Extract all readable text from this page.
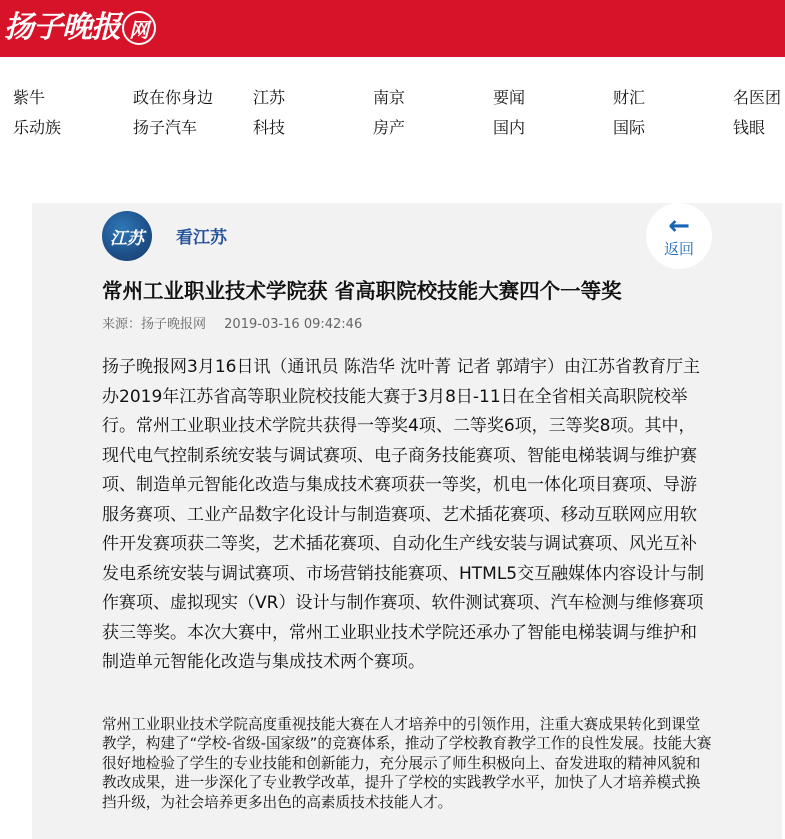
扬子晚报 网
紫牛	政在你身边 江苏	南京	要闻	财汇	名医团
乐动族	扬子汽车	科技	房产	国内	国际	钱眼
江苏 看江苏	←
返回
常州工业职业技术学院获 省高职院校技能大赛四个一等奖
来源：扬子晚报网 2019-03-16 09:42:46

扬子晚报网3月16日讯（通讯员 陈浩华 沈叶菁 记者 郭靖宇）由江苏省教育厅主办2019年江苏省高等职业院校技能大赛于3月8日-11日在全省相关高职院校举行。常州工业职业技术学院共获得一等奖4项、二等奖6项，三等奖8项。其中，现代电气控制系统安装与调试赛项、电子商务技能赛项、智能电梯装调与维护赛项、制造单元智能化改造与集成技术赛项获一等奖，机电一体化项目赛项、导游服务赛项、工业产品数字化设计与制造赛项、艺术插花赛项、移动互联网应用软件开发赛项获二等奖，艺术插花赛项、自动化生产线安装与调试赛项、风光互补发电系统安装与调试赛项、市场营销技能赛项、HTML5交互融媒体内容设计与制作赛项、虚拟现实（VR）设计与制作赛项、软件测试赛项、汽车检测与维修赛项获三等奖。本次大赛中，常州工业职业技术学院还承办了智能电梯装调与维护和制造单元智能化改造与集成技术两个赛项。

常州工业职业技术学院高度重视技能大赛在人才培养中的引领作用，注重大赛成果转化到课堂教学，构建了“学校-省级-国家级”的竞赛体系，推动了学校教育教学工作的良性发展。技能大赛很好地检验了学生的专业技能和创新能力，充分展示了师生积极向上、奋发进取的精神风貌和教改成果，进一步深化了专业教学改革，提升了学校的实践教学水平，加快了人才培养模式换挡升级，为社会培养更多出色的高素质技术技能人才。
